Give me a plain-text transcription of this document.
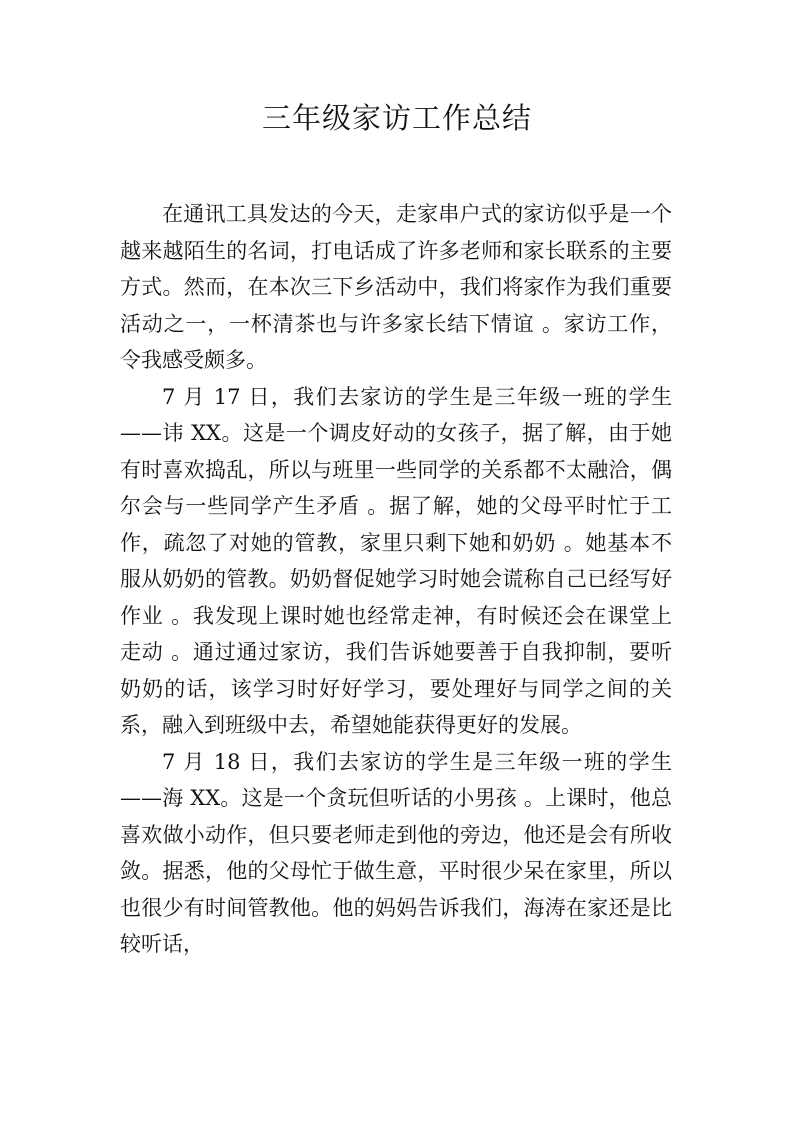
三年级家访工作总结

在通讯工具发达的今天，走家串户式的家访似乎是一个越来越陌生的名词，打电话成了许多老师和家长联系的主要方式。然而，在本次三下乡活动中，我们将家作为我们重要活动之一，一杯清茶也与许多家长结下情谊 。家访工作，令我感受颇多。

7 月 17 日，我们去家访的学生是三年级一班的学生 ——讳 XX。这是一个调皮好动的女孩子，据了解，由于她有时喜欢捣乱，所以与班里一些同学的关系都不太融洽，偶尔会与一些同学产生矛盾 。据了解，她的父母平时忙于工作，疏忽了对她的管教，家里只剩下她和奶奶 。她基本不服从奶奶的管教。奶奶督促她学习时她会谎称自己已经写好作业 。我发现上课时她也经常走神，有时候还会在课堂上走动 。通过通过家访，我们告诉她要善于自我抑制，要听奶奶的话，该学习时好好学习，要处理好与同学之间的关系，融入到班级中去，希望她能获得更好的发展。

7 月 18 日，我们去家访的学生是三年级一班的学生 ——海 XX。这是一个贪玩但听话的小男孩 。上课时，他总喜欢做小动作，但只要老师走到他的旁边，他还是会有所收敛。据悉，他的父母忙于做生意，平时很少呆在家里，所以也很少有时间管教他。他的妈妈告诉我们，海涛在家还是比较听话，
